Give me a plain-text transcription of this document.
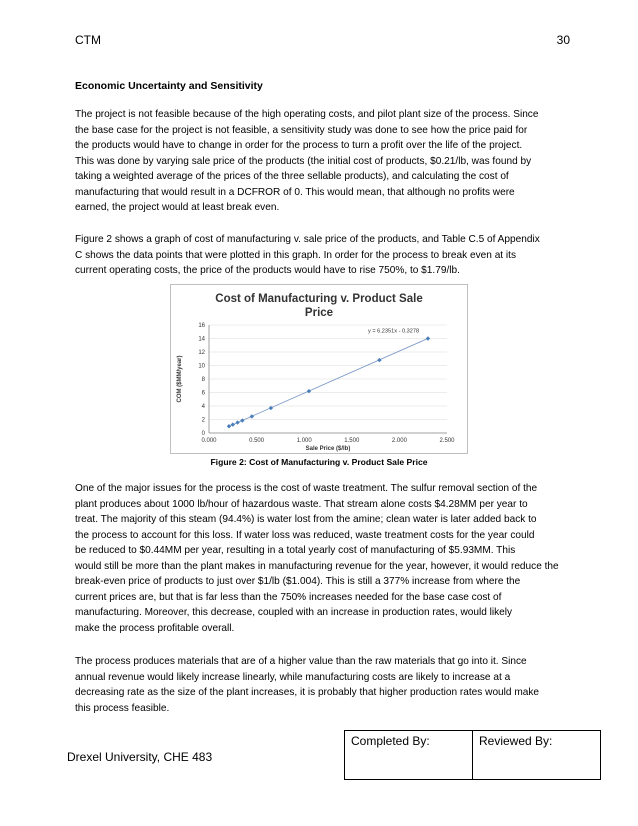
CTM	30
Economic Uncertainty and Sensitivity

The project is not feasible because of the high operating costs, and pilot plant size of the process. Since
the base case for the project is not feasible, a sensitivity study was done to see how the price paid for
the products would have to change in order for the process to turn a profit over the life of the project.
This was done by varying sale price of the products (the initial cost of products, $0.21/lb, was found by
taking a weighted average of the prices of the three sellable products), and calculating the cost of
manufacturing that would result in a DCFROR of 0. This would mean, that although no profits were
earned, the project would at least break even.

Figure 2 shows a graph of cost of manufacturing v. sale price of the products, and Table C.5 of Appendix
C shows the data points that were plotted in this graph. In order for the process to break even at its
current operating costs, the price of the products would have to rise 750%, to $1.79/lb.

Cost of Manufacturing v. Product Sale
Price
0
2
4
6
8
10
12
14
16
0.000	0.500	1.000	1.500	2.000	2.500
y = 6.2351x - 0.3278
Sale Price ($/lb)
COM ($MM/year)
Figure 2: Cost of Manufacturing v. Product Sale Price

One of the major issues for the process is the cost of waste treatment. The sulfur removal section of the
plant produces about 1000 lb/hour of hazardous waste. That stream alone costs $4.28MM per year to
treat. The majority of this steam (94.4%) is water lost from the amine; clean water is later added back to
the process to account for this loss. If water loss was reduced, waste treatment costs for the year could
be reduced to $0.44MM per year, resulting in a total yearly cost of manufacturing of $5.93MM. This
would still be more than the plant makes in manufacturing revenue for the year, however, it would reduce the
break-even price of products to just over $1/lb ($1.004). This is still a 377% increase from where the
current prices are, but that is far less than the 750% increases needed for the base case cost of
manufacturing. Moreover, this decrease, coupled with an increase in production rates, would likely
make the process profitable overall.

The process produces materials that are of a higher value than the raw materials that go into it. Since
annual revenue would likely increase linearly, while manufacturing costs are likely to increase at a
decreasing rate as the size of the plant increases, it is probably that higher production rates would make
this process feasible.

Drexel University, CHE 483
Completed By:	Reviewed By:
